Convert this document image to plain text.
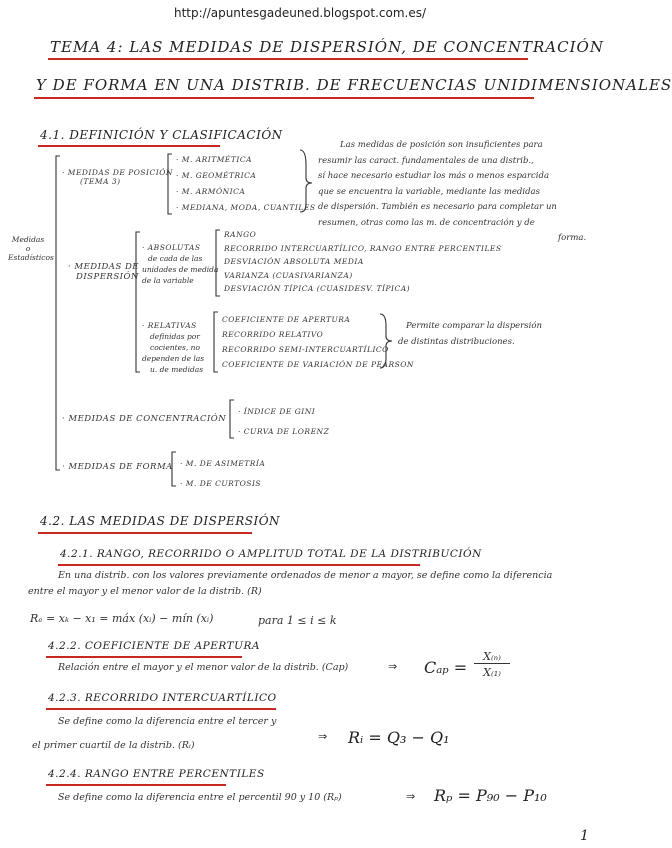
http://apuntesgadeuned.blogspot.com.es/
TEMA 4: LAS MEDIDAS DE DISPERSIÓN, DE CONCENTRACIÓN
Y DE FORMA EN UNA DISTRIB. DE FRECUENCIAS UNIDIMENSIONALES
4.1. DEFINICIÓN Y CLASIFICACIÓN
Medidas
o
Estadísticos
· MEDIDAS DE POSICIÓN
(TEMA 3)
· M. ARITMÉTICA
· M. GEOMÉTRICA
· M. ARMÓNICA
· MEDIANA, MODA, CUANTILES
Las medidas de posición son insuficientes para
resumir las caract. fundamentales de una distrib.,
sí hace necesario estudiar los más o menos esparcida
que se encuentra la variable, mediante las medidas
de dispersión. También es necesario para completar un
resumen, otras como las m. de concentración y de
forma.
· MEDIDAS DE
DISPERSIÓN
· ABSOLUTAS
de cada de las
unidades de medida
de la variable
RANGO
RECORRIDO INTERCUARTÍLICO, RANGO ENTRE PERCENTILES
DESVIACIÓN ABSOLUTA MEDIA
VARIANZA (CUASIVARIANZA)
DESVIACIÓN TÍPICA (CUASIDESV. TÍPICA)
· RELATIVAS
definidas por
cocientes, no
dependen de las
u. de medidas
COEFICIENTE DE APERTURA
RECORRIDO RELATIVO
RECORRIDO SEMI-INTERCUARTÍLICO
COEFICIENTE DE VARIACIÓN DE PEARSON
Permite comparar la dispersión
de distintas distribuciones.
· MEDIDAS DE CONCENTRACIÓN
· ÍNDICE DE GINI
· CURVA DE LORENZ
· MEDIDAS DE FORMA · M. DE ASIMETRÍA
· M. DE CURTOSIS
4.2. LAS MEDIDAS DE DISPERSIÓN
4.2.1. RANGO, RECORRIDO O AMPLITUD TOTAL DE LA DISTRIBUCIÓN
En una distrib. con los valores previamente ordenados de menor a mayor, se define como la diferencia
entre el mayor y el menor valor de la distrib. (R)
Rₑ = xₖ − x₁ = máx (xᵢ) − mín (xᵢ)	para 1 ≤ i ≤ k
4.2.2. COEFICIENTE DE APERTURA
Relación entre el mayor y el menor valor de la distrib. (Cap)	⇒ Cₐₚ =
X₍ₙ₎
X₍₁₎
4.2.3. RECORRIDO INTERCUARTÍLICO
Se define como la diferencia entre el tercer y
el primer cuartil de la distrib. (Rᵢ)
⇒ Rᵢ = Q₃ − Q₁
4.2.4. RANGO ENTRE PERCENTILES
Se define como la diferencia entre el percentil 90 y 10 (Rₚ)	⇒ Rₚ = P₉₀ − P₁₀
1
